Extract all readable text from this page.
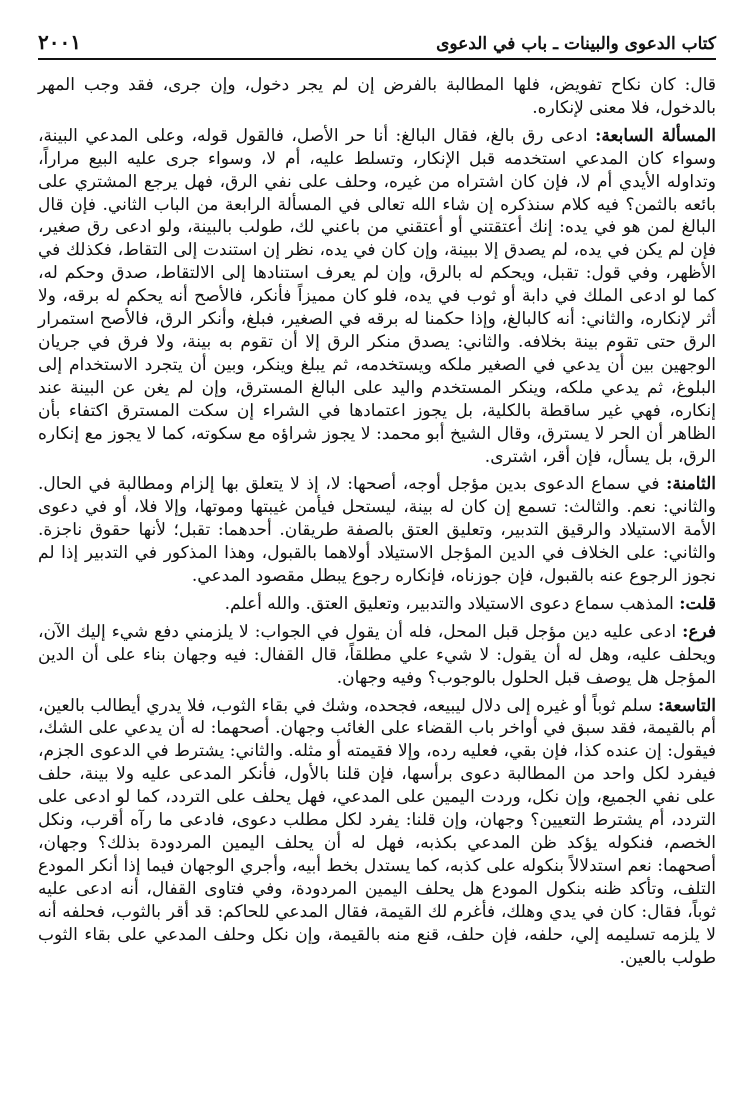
كتاب الدعوى والبينات ـ باب في الدعوى
٢٠٠١

قال: كان نكاح تفويض، فلها المطالبة بالفرض إن لم يجر دخول، وإن جرى، فقد وجب المهر بالدخول، فلا معنى لإنكاره.

المسألة السابعة: ادعى رق بالغ، فقال البالغ: أنا حر الأصل، فالقول قوله، وعلى المدعي البينة، وسواء كان المدعي استخدمه قبل الإنكار، وتسلط عليه، أم لا، وسواء جرى عليه البيع مراراً، وتداوله الأيدي أم لا، فإن كان اشتراه من غيره، وحلف على نفي الرق، فهل يرجع المشتري على بائعه بالثمن؟ فيه كلام سنذكره إن شاء الله تعالى في المسألة الرابعة من الباب الثاني. فإن قال البالغ لمن هو في يده: إنك أعتقتني أو أعتقني من باعني لك، طولب بالبينة، ولو ادعى رق صغير، فإن لم يكن في يده، لم يصدق إلا ببينة، وإن كان في يده، نظر إن استندت إلى التقاط، فكذلك في الأظهر، وفي قول: تقبل، ويحكم له بالرق، وإن لم يعرف استنادها إلى الالتقاط، صدق وحكم له، كما لو ادعى الملك في دابة أو ثوب في يده، فلو كان مميزاً فأنكر، فالأصح أنه يحكم له برقه، ولا أثر لإنكاره، والثاني: أنه كالبالغ، وإذا حكمنا له برقه في الصغير، فبلغ، وأنكر الرق، فالأصح استمرار الرق حتى تقوم بينة بخلافه. والثاني: يصدق منكر الرق إلا أن تقوم به بينة، ولا فرق في جريان الوجهين بين أن يدعي في الصغير ملكه ويستخدمه، ثم يبلغ وينكر، وبين أن يتجرد الاستخدام إلى البلوغ، ثم يدعي ملكه، وينكر المستخدم واليد على البالغ المسترق، وإن لم يغن عن البينة عند إنكاره، فهي غير ساقطة بالكلية، بل يجوز اعتمادها في الشراء إن سكت المسترق اكتفاء بأن الظاهر أن الحر لا يسترق، وقال الشيخ أبو محمد: لا يجوز شراؤه مع سكوته، كما لا يجوز مع إنكاره الرق، بل يسأل، فإن أقر، اشترى.

الثامنة: في سماع الدعوى بدين مؤجل أوجه، أصحها: لا، إذ لا يتعلق بها إلزام ومطالبة في الحال. والثاني: نعم. والثالث: تسمع إن كان له بينة، ليستحل فيأمن غيبتها وموتها، وإلا فلا، أو في دعوى الأمة الاستيلاد والرقيق التدبير، وتعليق العتق بالصفة طريقان. أحدهما: تقبل؛ لأنها حقوق ناجزة. والثاني: على الخلاف في الدين المؤجل الاستيلاد أولاهما بالقبول، وهذا المذكور في التدبير إذا لم نجوز الرجوع عنه بالقبول، فإن جوزناه، فإنكاره رجوع يبطل مقصود المدعي.

قلت: المذهب سماع دعوى الاستيلاد والتدبير، وتعليق العتق. والله أعلم.

فرع: ادعى عليه دين مؤجل قبل المحل، فله أن يقول في الجواب: لا يلزمني دفع شيء إليك الآن، ويحلف عليه، وهل له أن يقول: لا شيء علي مطلقاً، قال القفال: فيه وجهان بناء على أن الدين المؤجل هل يوصف قبل الحلول بالوجوب؟ وفيه وجهان.

التاسعة: سلم ثوباً أو غيره إلى دلال ليبيعه، فجحده، وشك في بقاء الثوب، فلا يدري أيطالب بالعين، أم بالقيمة، فقد سبق في أواخر باب القضاء على الغائب وجهان. أصحهما: له أن يدعي على الشك، فيقول: إن عنده كذا، فإن بقي، فعليه رده، وإلا فقيمته أو مثله. والثاني: يشترط في الدعوى الجزم، فيفرد لكل واحد من المطالبة دعوى برأسها، فإن قلنا بالأول، فأنكر المدعى عليه ولا بينة، حلف على نفي الجميع، وإن نكل، وردت اليمين على المدعي، فهل يحلف على التردد، كما لو ادعى على التردد، أم يشترط التعيين؟ وجهان، وإن قلنا: يفرد لكل مطلب دعوى، فادعى ما رآه أقرب، ونكل الخصم، فنكوله يؤكد ظن المدعي بكذبه، فهل له أن يحلف اليمين المردودة بذلك؟ وجهان، أصحهما: نعم استدلالاً بنكوله على كذبه، كما يستدل بخط أبيه، وأجري الوجهان فيما إذا أنكر المودع التلف، وتأكد ظنه بنكول المودع هل يحلف اليمين المردودة، وفي فتاوى القفال، أنه ادعى عليه ثوباً، فقال: كان في يدي وهلك، فأغرم لك القيمة، فقال المدعي للحاكم: قد أقر بالثوب، فحلفه أنه لا يلزمه تسليمه إلي، حلفه، فإن حلف، قنع منه بالقيمة، وإن نكل وحلف المدعي على بقاء الثوب طولب بالعين.
